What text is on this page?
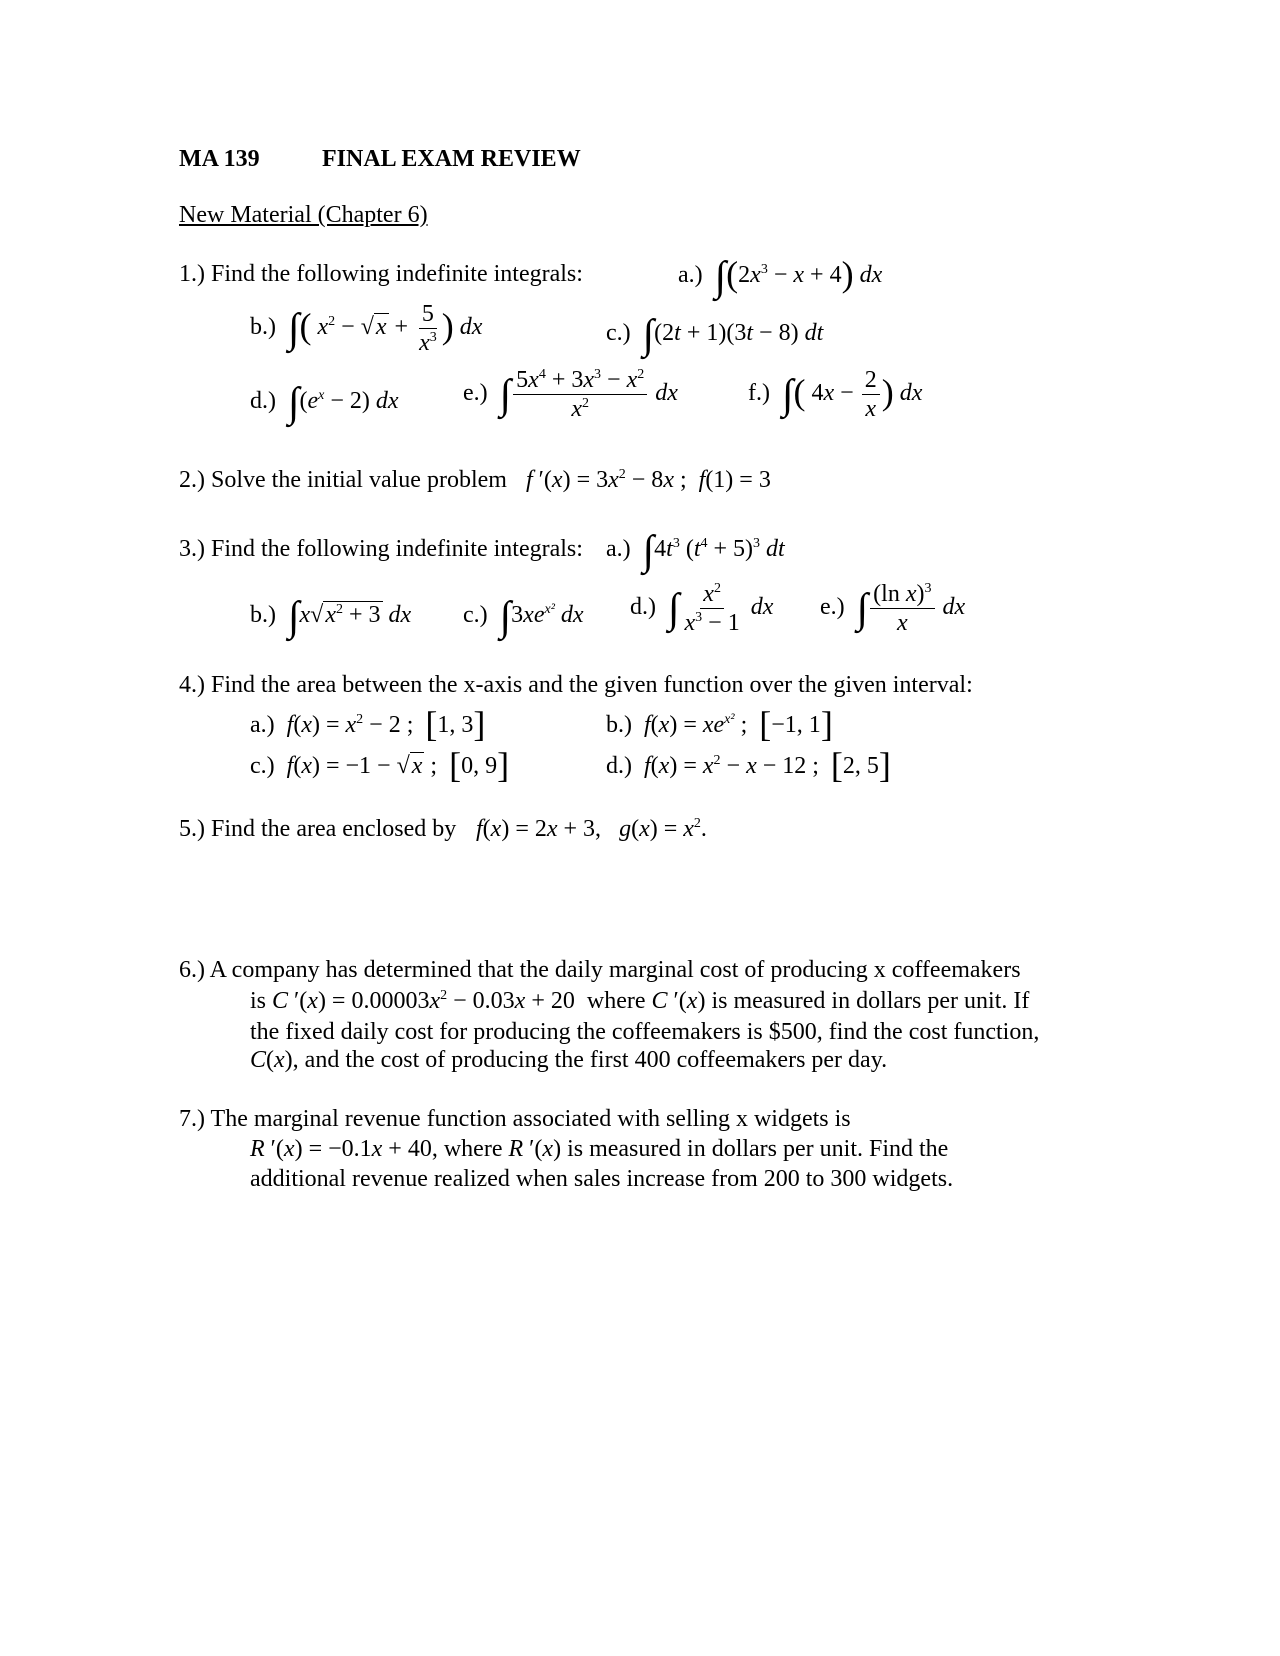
MA 139	FINAL EXAM REVIEW
New Material (Chapter 6)
1.) Find the following indefinite integrals:	a.) $\int(2x^3 - x + 4)$ dx
b.) ∫( $x^2 - √x + \frac{5}{x^3}$ ) dx	c.) ∫(2t + 1)(3t − 8) dt
d.) $\int(e^x - 2)$ dx	e.) ∫ $\frac{5x^4 + 3x^3 - x^2}{x^2}$ dx	f.) ∫( $4x - \frac{2}{x}$ ) dx
2.) Solve the initial value problem f $'(x) = 3x^2 - 8x$ ;  f(1) = 3
3.) Find the following indefinite integrals: a.) $\int 4t^3$ $(t^4 + 5)^3$ dt
b.) $\int x√x^2 + 3$ dx c.) $\int 3xe^{x^2}$ dx d.) ∫ $\frac{x^2}{x^3 - 1}$ dx e.) ∫ $\frac{(\ln x)^3}{x}$ dx
4.) Find the area between the x-axis and the given function over the given interval:
a.) $f(x) = x^2 - 2$ ;  [1, 3]	b.) $f(x) = xe^{x^2}$ ;  [−1, 1]
c.) f(x) = −1 − √x ;  [0, 9]	d.) $f(x) = x^2 - x - 12$ ;  [2, 5]
5.) Find the area enclosed by f(x) = 2x + 3,   $g(x) = x^2$.
6.) A company has determined that the daily marginal cost of producing x coffeemakers
is C $'(x) = 0.00003x^2 - 0.03x + 20$  where C ′(x) is measured in dollars per unit. If
the fixed daily cost for producing the coffeemakers is $500, find the cost function,
C(x), and the cost of producing the first 400 coffeemakers per day.
7.) The marginal revenue function associated with selling x widgets is
R ′(x) = −0.1x + 40, where R ′(x) is measured in dollars per unit. Find the
additional revenue realized when sales increase from 200 to 300 widgets.
